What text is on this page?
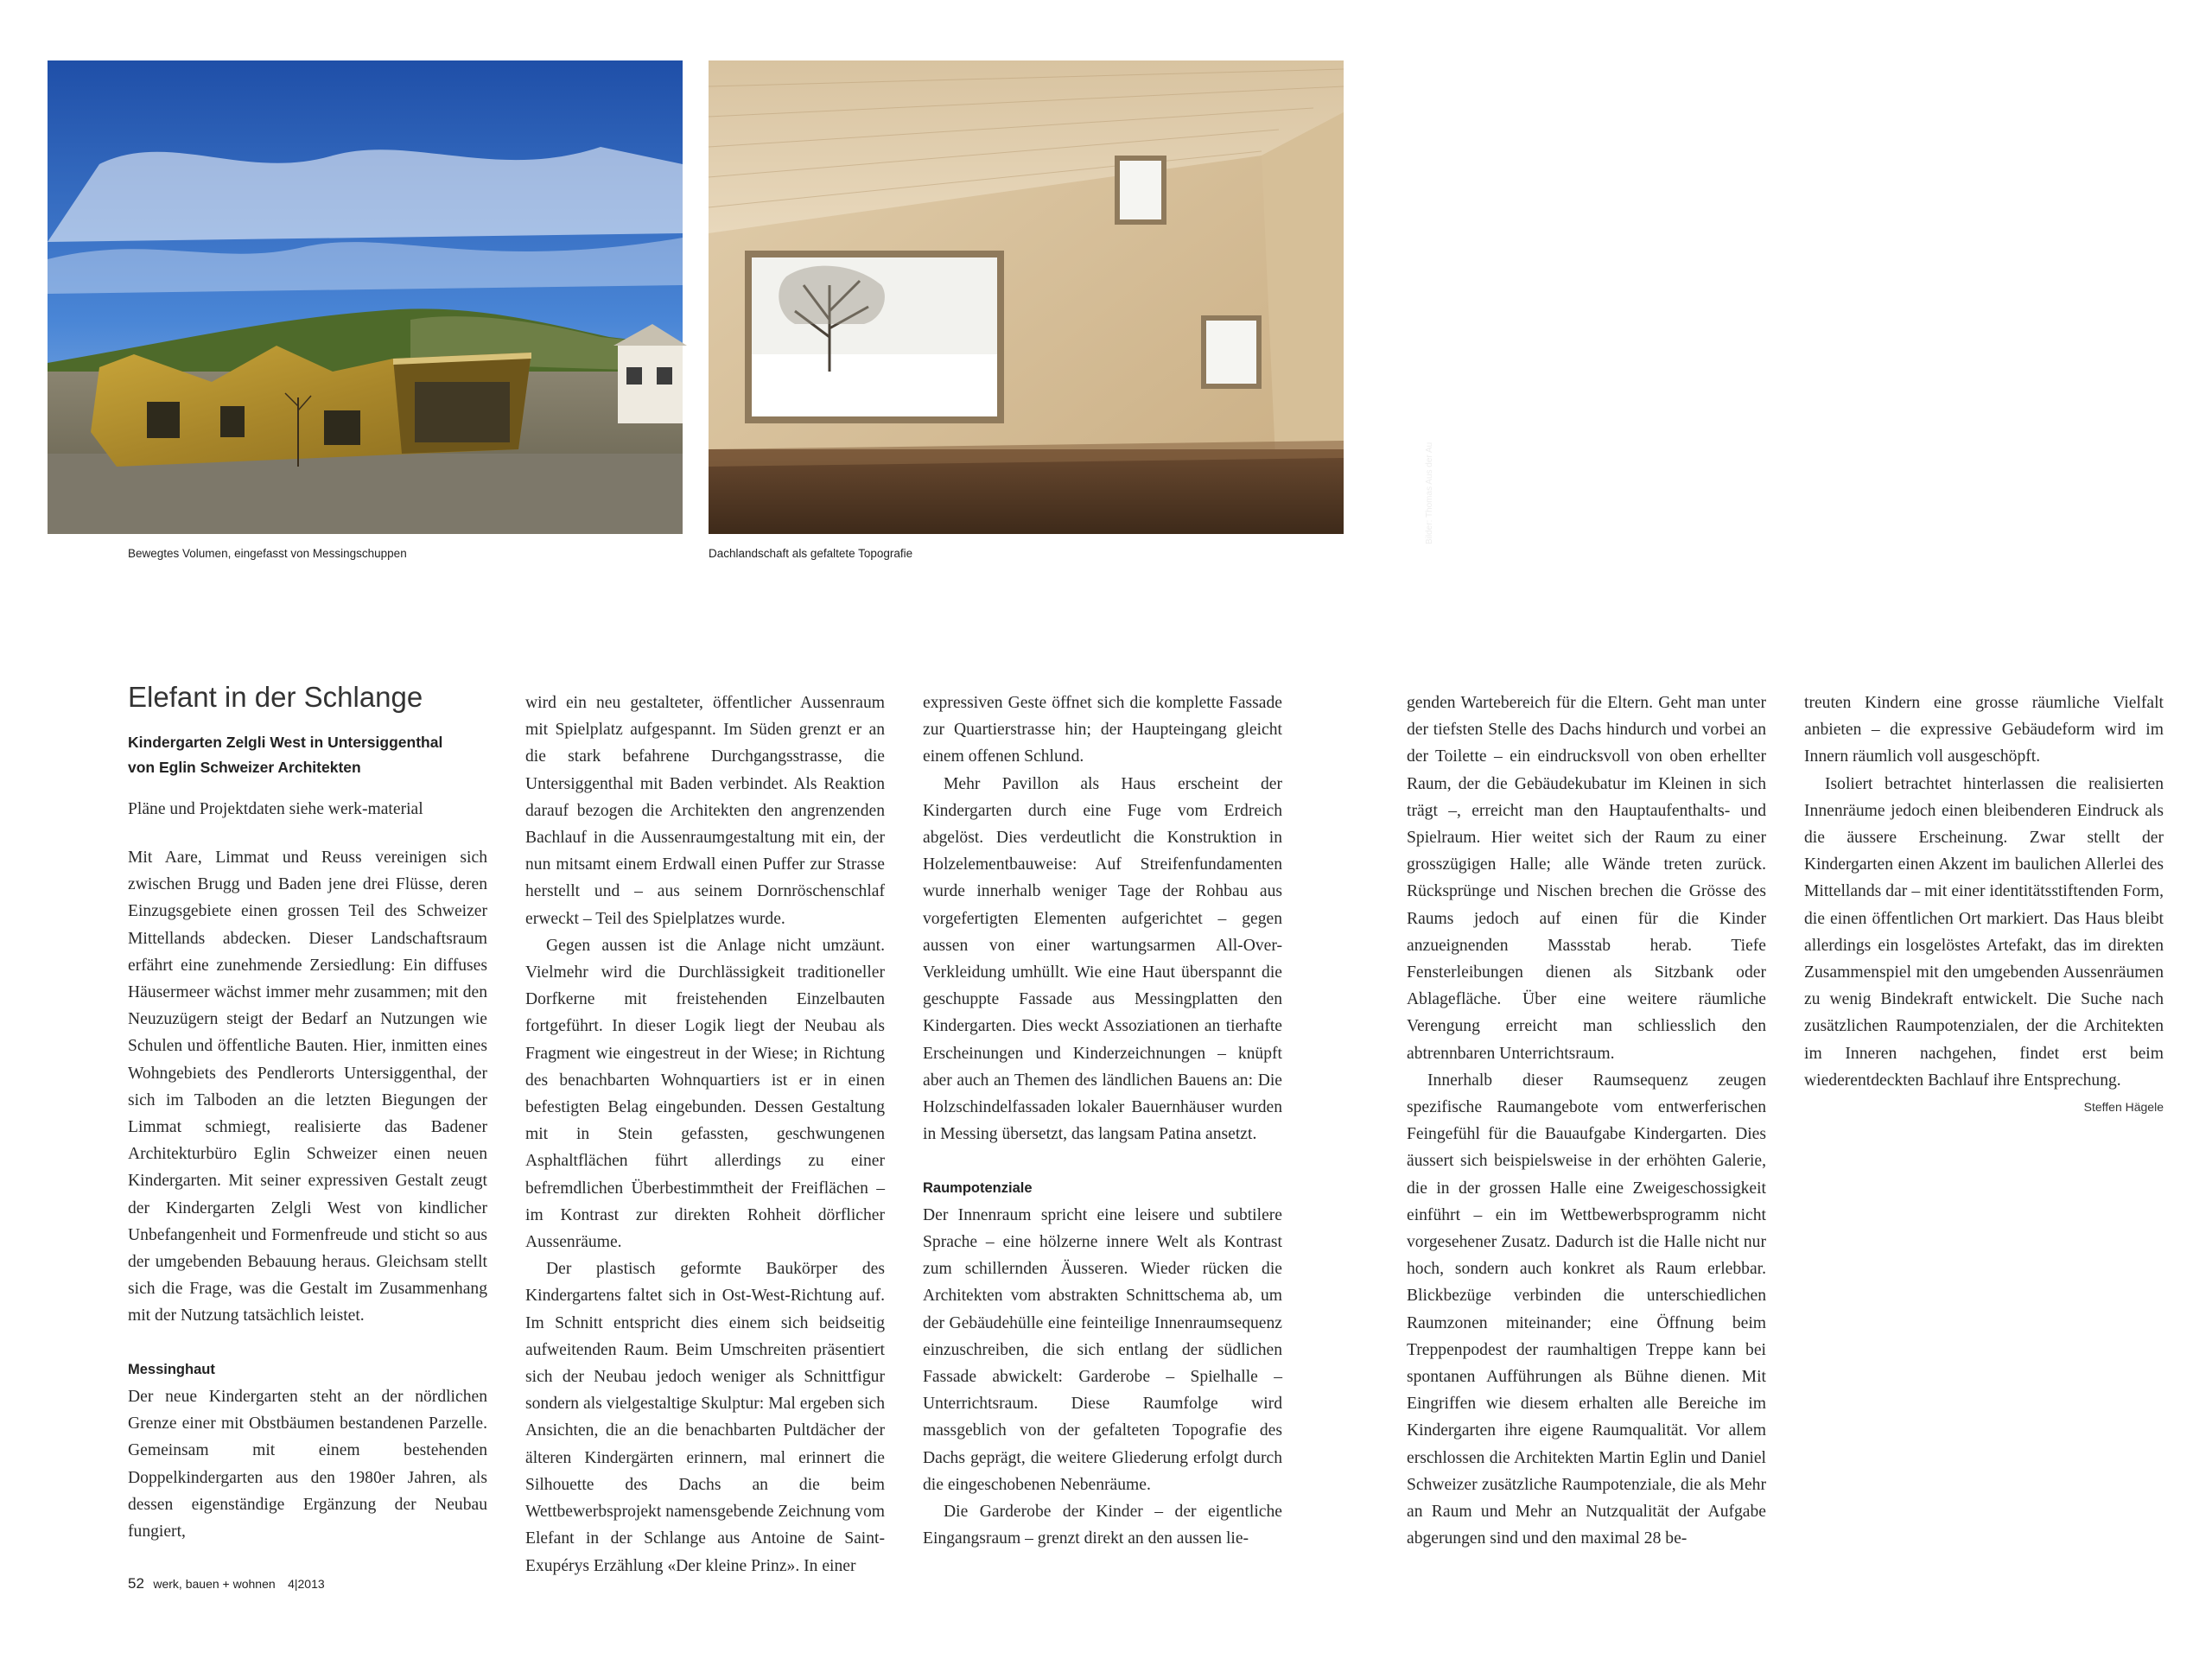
Bilder: Thomas Aus der Au
Bewegtes Volumen, eingefasst von Messingschuppen	Dachlandschaft als gefaltete Topografie
Elefant in der Schlange
Kindergarten Zelgli West in Untersiggenthal
von Eglin Schweizer Architekten

Pläne und Projektdaten siehe werk-material

Mit Aare, Limmat und Reuss vereinigen sich zwischen Brugg und Baden jene drei Flüsse, deren Einzugsgebiete einen grossen Teil des Schweizer Mittellands abdecken. Dieser Landschaftsraum erfährt eine zunehmende Zersiedlung: Ein diffuses Häusermeer wächst immer mehr zusammen; mit den Neuzuzügern steigt der Bedarf an Nutzungen wie Schulen und öffentliche Bauten. Hier, inmitten eines Wohngebiets des Pendlerorts Untersiggenthal, der sich im Talboden an die letzten Biegungen der Limmat schmiegt, realisierte das Badener Architekturbüro Eglin Schweizer einen neuen Kindergarten. Mit seiner expressiven Gestalt zeugt der Kindergarten Zelgli West von kindlicher Unbefangenheit und Formenfreude und sticht so aus der umgebenden Bebauung heraus. Gleichsam stellt sich die Frage, was die Gestalt im Zusammenhang mit der Nutzung tatsächlich leistet.

Messinghaut

Der neue Kindergarten steht an der nördlichen Grenze einer mit Obstbäumen bestandenen Parzelle. Gemeinsam mit einem bestehenden Doppelkindergarten aus den 1980er Jahren, als dessen eigenständige Ergänzung der Neubau fungiert,

wird ein neu gestalteter, öffentlicher Aussenraum mit Spielplatz aufgespannt. Im Süden grenzt er an die stark befahrene Durchgangsstrasse, die Untersiggenthal mit Baden verbindet. Als Reaktion darauf bezogen die Architekten den angrenzenden Bachlauf in die Aussenraumgestaltung mit ein, der nun mitsamt einem Erdwall einen Puffer zur Strasse herstellt und – aus seinem Dornröschenschlaf erweckt – Teil des Spielplatzes wurde.

Gegen aussen ist die Anlage nicht umzäunt. Vielmehr wird die Durchlässigkeit traditioneller Dorfkerne mit freistehenden Einzelbauten fortgeführt. In dieser Logik liegt der Neubau als Fragment wie eingestreut in der Wiese; in Richtung des benachbarten Wohnquartiers ist er in einen befestigten Belag eingebunden. Dessen Gestaltung mit in Stein gefassten, geschwungenen Asphaltflächen führt allerdings zu einer befremdlichen Überbestimmtheit der Freiflächen – im Kontrast zur direkten Rohheit dörflicher Aussenräume.

Der plastisch geformte Baukörper des Kindergartens faltet sich in Ost-West-Richtung auf. Im Schnitt entspricht dies einem sich beidseitig aufweitenden Raum. Beim Umschreiten präsentiert sich der Neubau jedoch weniger als Schnittfigur sondern als vielgestaltige Skulptur: Mal ergeben sich Ansichten, die an die benachbarten Pultdächer der älteren Kindergärten erinnern, mal erinnert die Silhouette des Dachs an die beim Wettbewerbsprojekt namensgebende Zeichnung vom Elefant in der Schlange aus Antoine de Saint-Exupérys Erzählung «Der kleine Prinz». In einer

expressiven Geste öffnet sich die komplette Fassade zur Quartierstrasse hin; der Haupteingang gleicht einem offenen Schlund.

Mehr Pavillon als Haus erscheint der Kindergarten durch eine Fuge vom Erdreich abgelöst. Dies verdeutlicht die Konstruktion in Holzelementbauweise: Auf Streifenfundamenten wurde innerhalb weniger Tage der Rohbau aus vorgefertigten Elementen aufgerichtet – gegen aussen von einer wartungsarmen All-Over-Verkleidung umhüllt. Wie eine Haut überspannt die geschuppte Fassade aus Messingplatten den Kindergarten. Dies weckt Assoziationen an tierhafte Erscheinungen und Kinderzeichnungen – knüpft aber auch an Themen des ländlichen Bauens an: Die Holzschindelfassaden lokaler Bauernhäuser wurden in Messing übersetzt, das langsam Patina ansetzt.

Raumpotenziale

Der Innenraum spricht eine leisere und subtilere Sprache – eine hölzerne innere Welt als Kontrast zum schillernden Äusseren. Wieder rücken die Architekten vom abstrakten Schnittschema ab, um der Gebäudehülle eine feinteilige Innenraumsequenz einzuschreiben, die sich entlang der südlichen Fassade abwickelt: Garderobe – Spielhalle – Unterrichtsraum. Diese Raumfolge wird massgeblich von der gefalteten Topografie des Dachs geprägt, die weitere Gliederung erfolgt durch die eingeschobenen Nebenräume.

Die Garderobe der Kinder – der eigentliche Eingangsraum – grenzt direkt an den aussen lie-

genden Wartebereich für die Eltern. Geht man unter der tiefsten Stelle des Dachs hindurch und vorbei an der Toilette – ein eindrucksvoll von oben erhellter Raum, der die Gebäudekubatur im Kleinen in sich trägt –, erreicht man den Hauptaufenthalts- und Spielraum. Hier weitet sich der Raum zu einer grosszügigen Halle; alle Wände treten zurück. Rücksprünge und Nischen brechen die Grösse des Raums jedoch auf einen für die Kinder anzueignenden Massstab herab. Tiefe Fensterleibungen dienen als Sitzbank oder Ablagefläche. Über eine weitere räumliche Verengung erreicht man schliesslich den abtrennbaren Unterrichtsraum.

Innerhalb dieser Raumsequenz zeugen spezifische Raumangebote vom entwerferischen Feingefühl für die Bauaufgabe Kindergarten. Dies äussert sich beispielsweise in der erhöhten Galerie, die in der grossen Halle eine Zweigeschossigkeit einführt – ein im Wettbewerbsprogramm nicht vorgesehener Zusatz. Dadurch ist die Halle nicht nur hoch, sondern auch konkret als Raum erlebbar. Blickbezüge verbinden die unterschiedlichen Raumzonen miteinander; eine Öffnung beim Treppenpodest der raumhaltigen Treppe kann bei spontanen Aufführungen als Bühne dienen. Mit Eingriffen wie diesem erhalten alle Bereiche im Kindergarten ihre eigene Raumqualität. Vor allem erschlossen die Architekten Martin Eglin und Daniel Schweizer zusätzliche Raumpotenziale, die als Mehr an Raum und Mehr an Nutzqualität der Aufgabe abgerungen sind und den maximal 28 be-

treuten Kindern eine grosse räumliche Vielfalt anbieten – die expressive Gebäudeform wird im Innern räumlich voll ausgeschöpft.

Isoliert betrachtet hinterlassen die realisierten Innenräume jedoch einen bleibenderen Eindruck als die äussere Erscheinung. Zwar stellt der Kindergarten einen Akzent im baulichen Allerlei des Mittellands dar – mit einer identitätsstiftenden Form, die einen öffentlichen Ort markiert. Das Haus bleibt allerdings ein losgelöstes Artefakt, das im direkten Zusammenspiel mit den umgebenden Aussenräumen zu wenig Bindekraft entwickelt. Die Suche nach zusätzlichen Raumpotenzialen, der die Architekten im Inneren nachgehen, findet erst beim wiederentdeckten Bachlauf ihre Entsprechung.
Steffen Hägele

52 werk, bauen + wohnen 4|2013
